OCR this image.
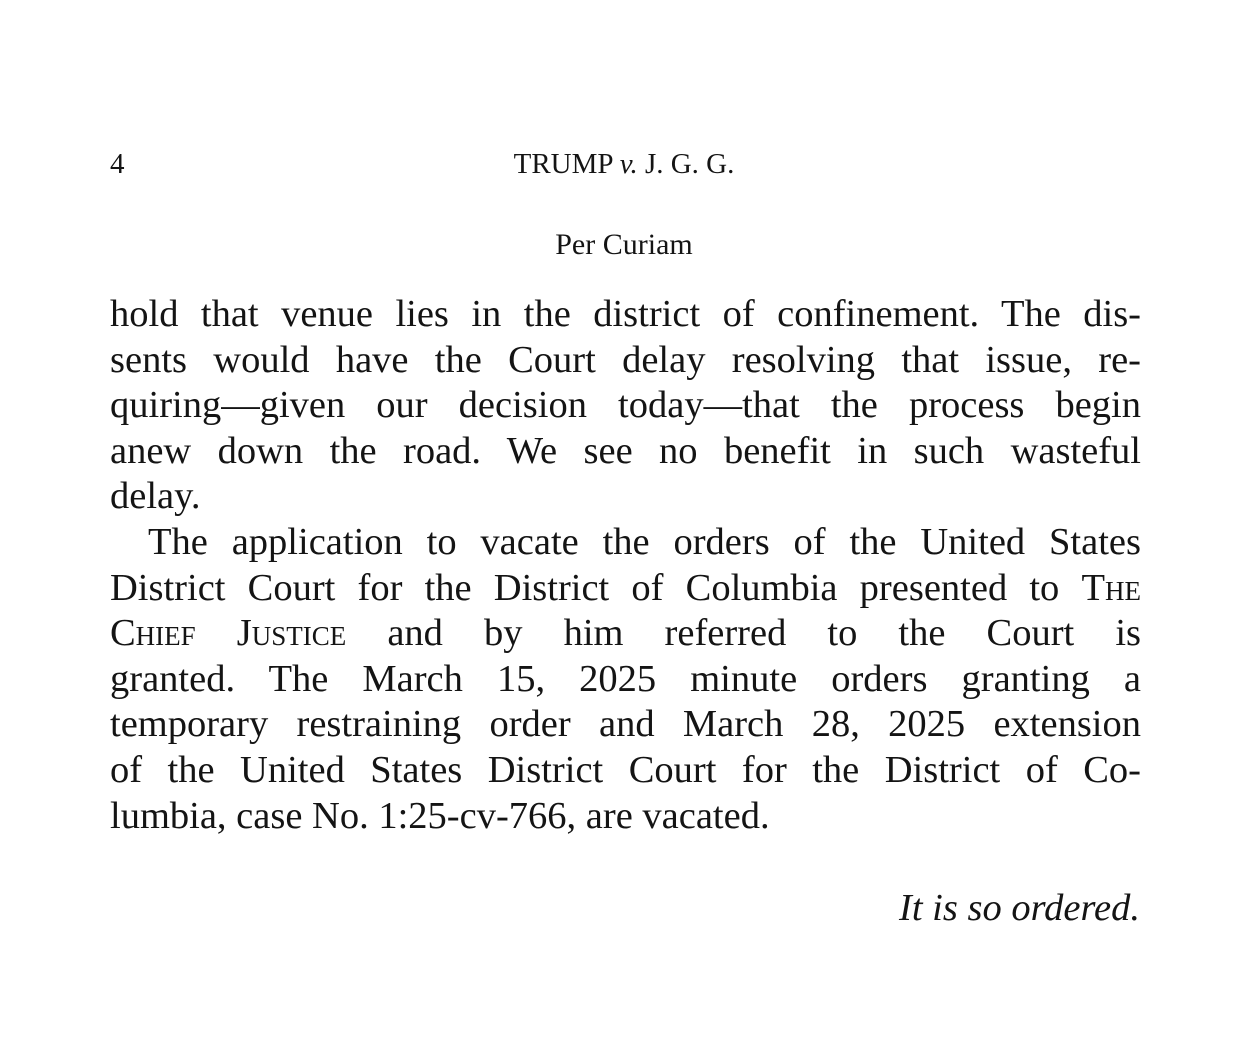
4	TRUMP v. J. G. G.
Per Curiam
hold that venue lies in the district of confinement. The dis-
sents would have the Court delay resolving that issue, re-
quiring—given our decision today—that the process begin
anew down the road. We see no benefit in such wasteful
delay.
The application to vacate the orders of the United States
District Court for the District of Columbia presented to The
Chief Justice and by him referred to the Court is
granted. The March 15, 2025 minute orders granting a
temporary restraining order and March 28, 2025 extension
of the United States District Court for the District of Co-
lumbia, case No. 1:25-cv-766, are vacated.
It is so ordered.
